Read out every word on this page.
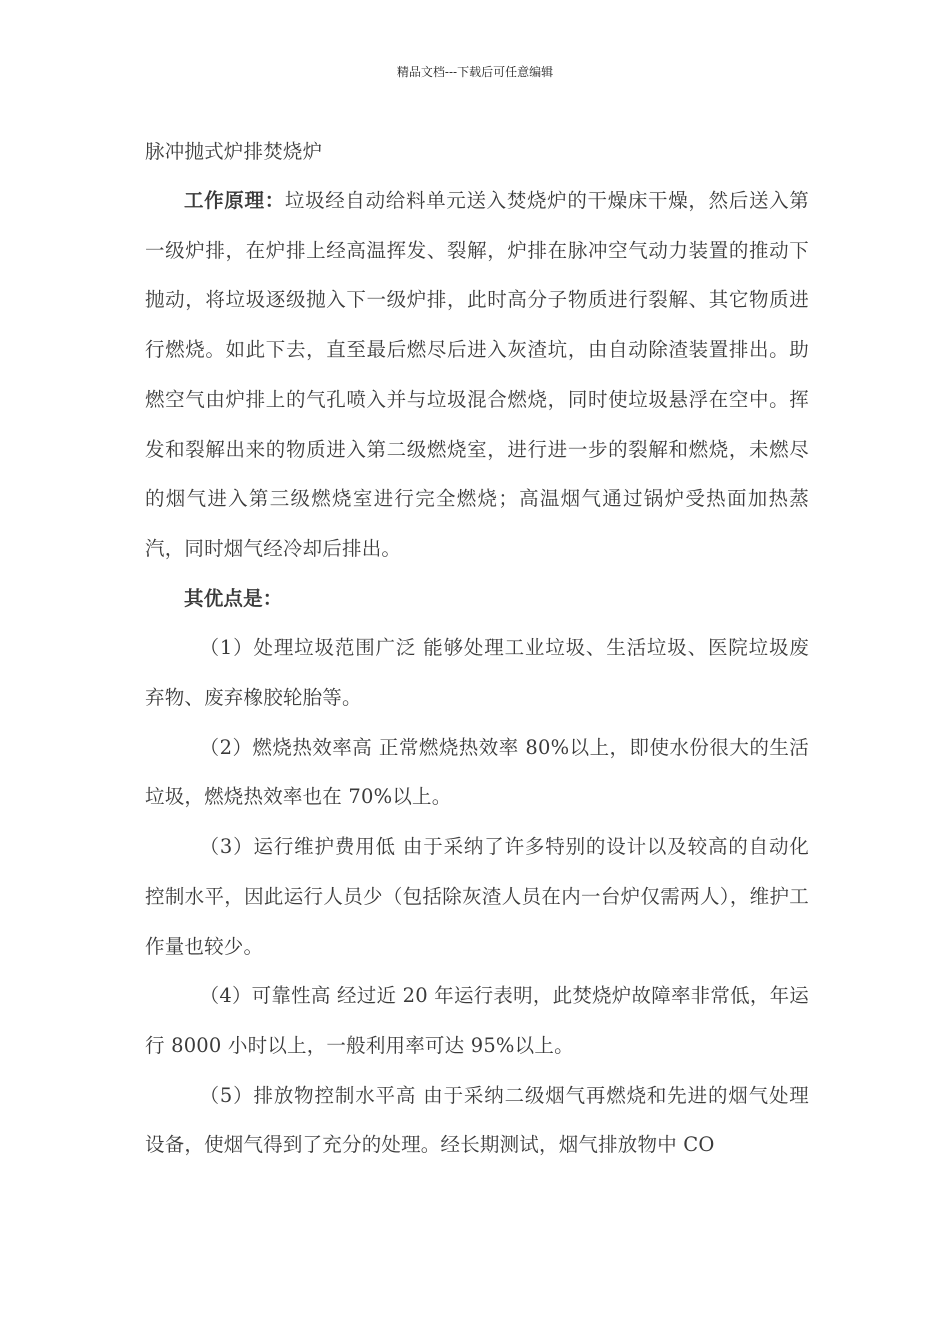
精品文档---下载后可任意编辑
脉冲抛式炉排焚烧炉

工作原理：垃圾经自动给料单元送入焚烧炉的干燥床干燥，然后送入第一级炉排，在炉排上经高温挥发、裂解，炉排在脉冲空气动力装置的推动下抛动，将垃圾逐级抛入下一级炉排，此时高分子物质进行裂解、其它物质进行燃烧。如此下去，直至最后燃尽后进入灰渣坑，由自动除渣装置排出。助燃空气由炉排上的气孔喷入并与垃圾混合燃烧，同时使垃圾悬浮在空中。挥发和裂解出来的物质进入第二级燃烧室，进行进一步的裂解和燃烧，未燃尽的烟气进入第三级燃烧室进行完全燃烧；高温烟气通过锅炉受热面加热蒸汽，同时烟气经冷却后排出。

其优点是：

（1）处理垃圾范围广泛 能够处理工业垃圾、生活垃圾、医院垃圾废弃物、废弃橡胶轮胎等。

（2）燃烧热效率高 正常燃烧热效率 80%以上，即使水份很大的生活垃圾，燃烧热效率也在 70%以上。

（3）运行维护费用低 由于采纳了许多特别的设计以及较高的自动化控制水平，因此运行人员少（包括除灰渣人员在内一台炉仅需两人），维护工作量也较少。

（4）可靠性高 经过近 20 年运行表明，此焚烧炉故障率非常低，年运行 8000 小时以上，一般利用率可达 95%以上。

（5）排放物控制水平高 由于采纳二级烟气再燃烧和先进的烟气处理设备，使烟气得到了充分的处理。经长期测试，烟气排放物中 CO
